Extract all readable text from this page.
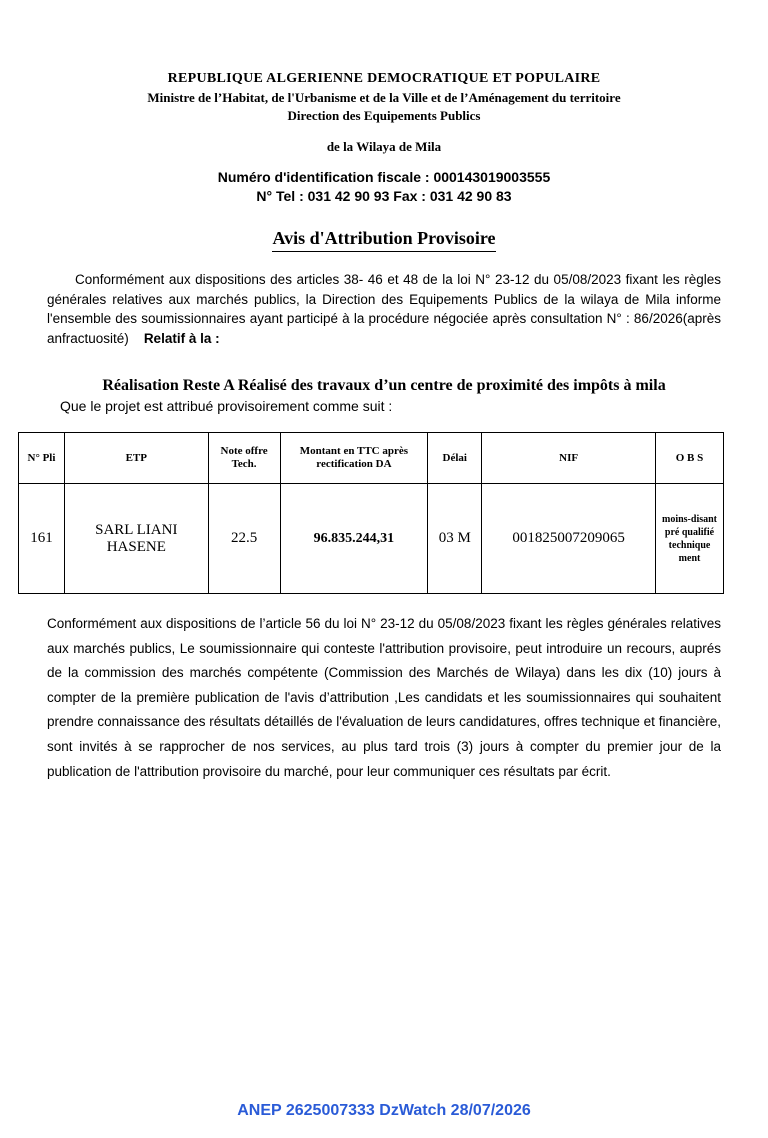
REPUBLIQUE ALGERIENNE DEMOCRATIQUE ET POPULAIRE
Ministre de l’Habitat, de l'Urbanisme et de la Ville et de l’Aménagement du territoire
Direction des Equipements Publics
de la Wilaya de Mila
Numéro d'identification fiscale : 000143019003555
N° Tel : 031 42 90 93 Fax : 031 42 90 83
Avis d'Attribution Provisoire
Conformément aux dispositions des articles 38- 46 et 48 de la loi N° 23-12 du 05/08/2023 fixant les règles générales relatives aux marchés publics, la Direction des Equipements Publics de la wilaya de Mila informe l'ensemble des soumissionnaires ayant participé à la procédure négociée après consultation N° : 86/2026(après anfractuosité) Relatif à la :
Réalisation Reste A Réalisé des travaux d’un centre de proximité des impôts à mila
Que le projet est attribué provisoirement comme suit :
N° Pli	ETP	Note offre Tech.	Montant en TTC après rectification DA	Délai	NIF	O B S
161	SARL LIANI HASENE	22.5	96.835.244,31	03 M	001825007209065	moins-disant pré qualifié technique ment
Conformément aux dispositions de l’article 56 du loi N° 23-12 du 05/08/2023 fixant les règles générales relatives aux marchés publics, Le soumissionnaire qui conteste l'attribution provisoire, peut introduire un recours, auprés de la commission des marchés compétente (Commission des Marchés de Wilaya) dans les dix (10) jours à compter de la première publication de l'avis d’attribution ,Les candidats et les soumissionnaires qui souhaitent prendre connaissance des résultats détaillés de l'évaluation de leurs candidatures, offres technique et financière, sont invités à se rapprocher de nos services, au plus tard trois (3) jours à compter du premier jour de la publication de l'attribution provisoire du marché, pour leur communiquer ces résultats par écrit.
ANEP 2625007333 DzWatch 28/07/2026
